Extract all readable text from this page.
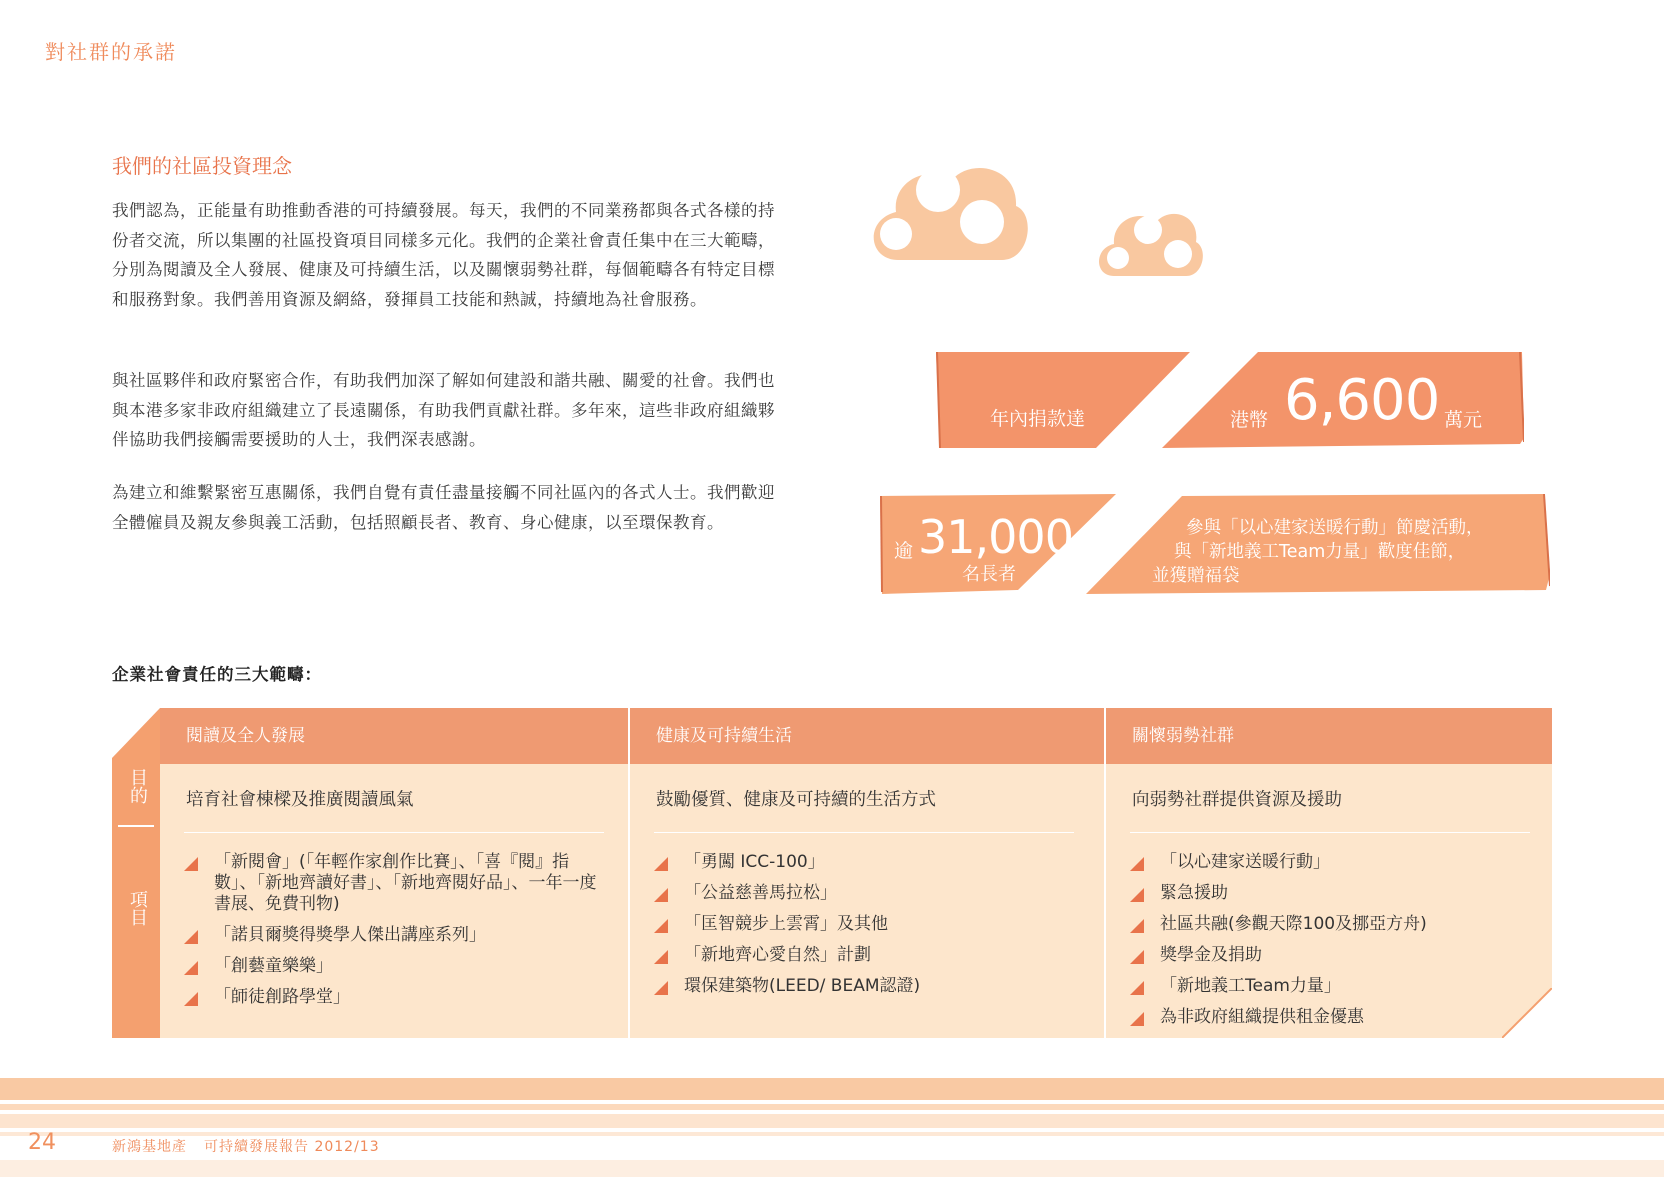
對社群的承諾
我們的社區投資理念
我們認為，正能量有助推動香港的可持續發展。每天，我們的不同業務都與各式各樣的持份者交流，所以集團的社區投資項目同樣多元化。我們的企業社會責任集中在三大範疇，分別為閱讀及全人發展、健康及可持續生活，以及關懷弱勢社群，每個範疇各有特定目標和服務對象。我們善用資源及網絡，發揮員工技能和熱誠，持續地為社會服務。
與社區夥伴和政府緊密合作，有助我們加深了解如何建設和諧共融、關愛的社會。我們也與本港多家非政府組織建立了長遠關係，有助我們貢獻社群。多年來，這些非政府組織夥伴協助我們接觸需要援助的人士，我們深表感謝。
為建立和維繫緊密互惠關係，我們自覺有責任盡量接觸不同社區內的各式人士。我們歡迎全體僱員及親友參與義工活動，包括照顧長者、教育、身心健康，以至環保教育。
年內捐款達	港幣 6,600 萬元
逾 31,000
名長者
參與「以心建家送暖行動」節慶活動，
與「新地義工Team力量」歡度佳節，
並獲贈福袋
企業社會責任的三大範疇：
目的
項目
閱讀及全人發展
培育社會棟樑及推廣閱讀風氣
「新閱會」(「年輕作家創作比賽」、「喜『閱』指數」、「新地齊讀好書」、「新地齊閱好品」、一年一度書展、免費刊物)
「諾貝爾獎得獎學人傑出講座系列」
「創藝童樂樂」
「師徒創路學堂」
健康及可持續生活
鼓勵優質、健康及可持續的生活方式
「勇闖 ICC-100」
「公益慈善馬拉松」
「匡智競步上雲霄」及其他
「新地齊心愛自然」計劃
環保建築物(LEED/ BEAM認證)
關懷弱勢社群
向弱勢社群提供資源及援助
「以心建家送暖行動」
緊急援助
社區共融(參觀天際100及挪亞方舟)
獎學金及捐助
「新地義工Team力量」
為非政府組織提供租金優惠
24	新鴻基地產 可持續發展報告 2012/13
